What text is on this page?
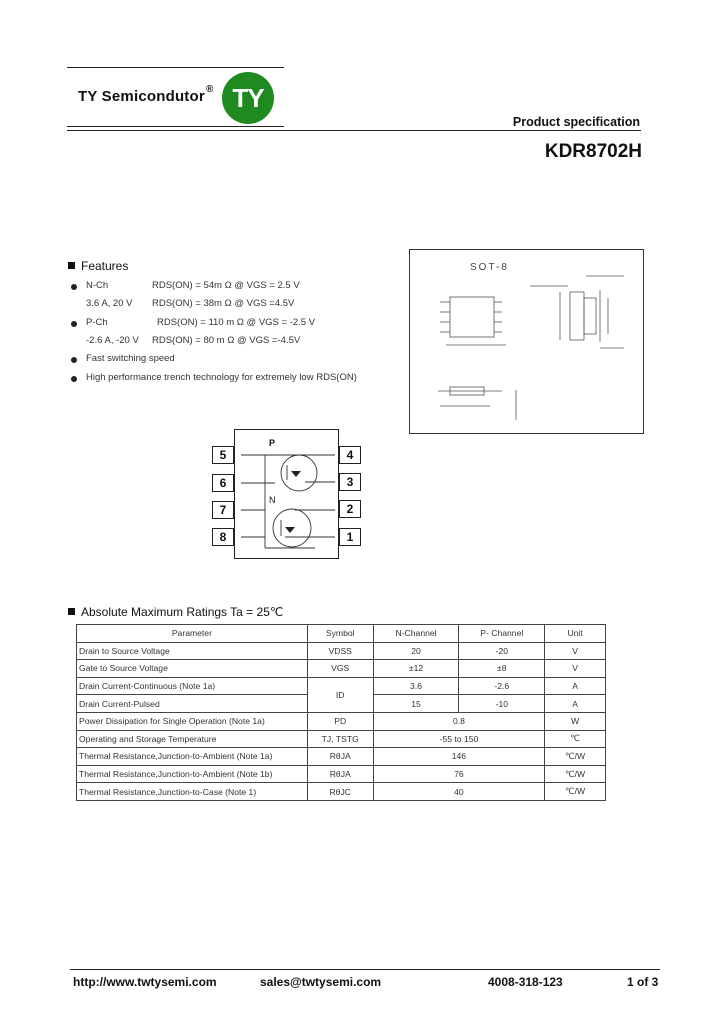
TY Semicondutor ® TY
Product specification
KDR8702H
Features
N-Ch	RDS(ON) = 54m Ω @ VGS = 2.5 V
3.6 A, 20 V RDS(ON) = 38m Ω @ VGS =4.5V
P-Ch	RDS(ON) = 110 m Ω @ VGS = -2.5 V
-2.6 A, -20 V RDS(ON) = 80 m Ω @ VGS =-4.5V
Fast switching speed
High performance trench technology for extremely low RDS(ON)
SOT-8
P
N
5
6
7
8
4
3
2
1
Absolute Maximum Ratings Ta = 25℃
Parameter	Symbol	N-Channel	P- Channel	Unit
Drain to Source Voltage	VDSS	20	-20	V
Gate to Source Voltage	VGS	±12	±8	V
Drain Current-Continuous (Note 1a)	ID	3.6	-2.6	A
Drain Current-Pulsed		15	-10	A
Power Dissipation for Single Operation (Note 1a)	PD	0.8		W
Operating and Storage Temperature	TJ, TSTG	-55 to 150		℃
Thermal Resistance,Junction-to-Ambient (Note 1a)	RθJA	146		℃/W
Thermal Resistance,Junction-to-Ambient (Note 1b)	RθJA	76		℃/W
Thermal Resistance,Junction-to-Case (Note 1)	RθJC	40		℃/W
http://www.twtysemi.com	sales@twtysemi.com	4008-318-123	1 of 3
